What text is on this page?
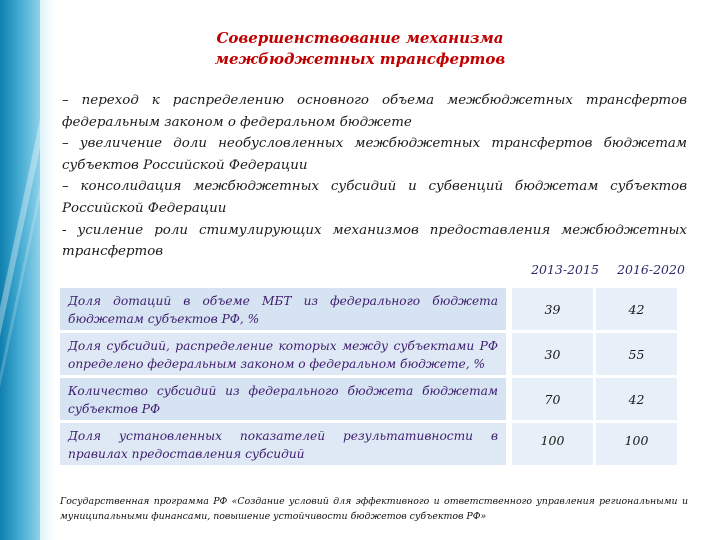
Совершенствование механизма
межбюджетных трансфертов

– переход к распределению основного объема межбюджетных трансфертов федеральным законом о федеральном бюджете

– увеличение доли необусловленных межбюджетных трансфертов бюджетам субъектов Российской Федерации

– консолидация межбюджетных субсидий и субвенций бюджетам субъектов Российской Федерации

- усиление роли стимулирующих механизмов предоставления межбюджетных трансфертов

2013-2015	2016-2020
Доля дотаций в объеме МБТ из федерального бюджета бюджетам субъектов РФ, %
39	42
Доля субсидий, распределение которых между субъектами РФ определено федеральным законом о федеральном бюджете, %
30	55
Количество субсидий из федерального бюджета бюджетам субъектов РФ
70	42
Доля установленных показателей результативности в правилах предоставления субсидий
100	100
Государственная программа РФ «Создание условий для эффективного и ответственного управления региональными и муниципальными финансами, повышение устойчивости бюджетов субъектов РФ»
